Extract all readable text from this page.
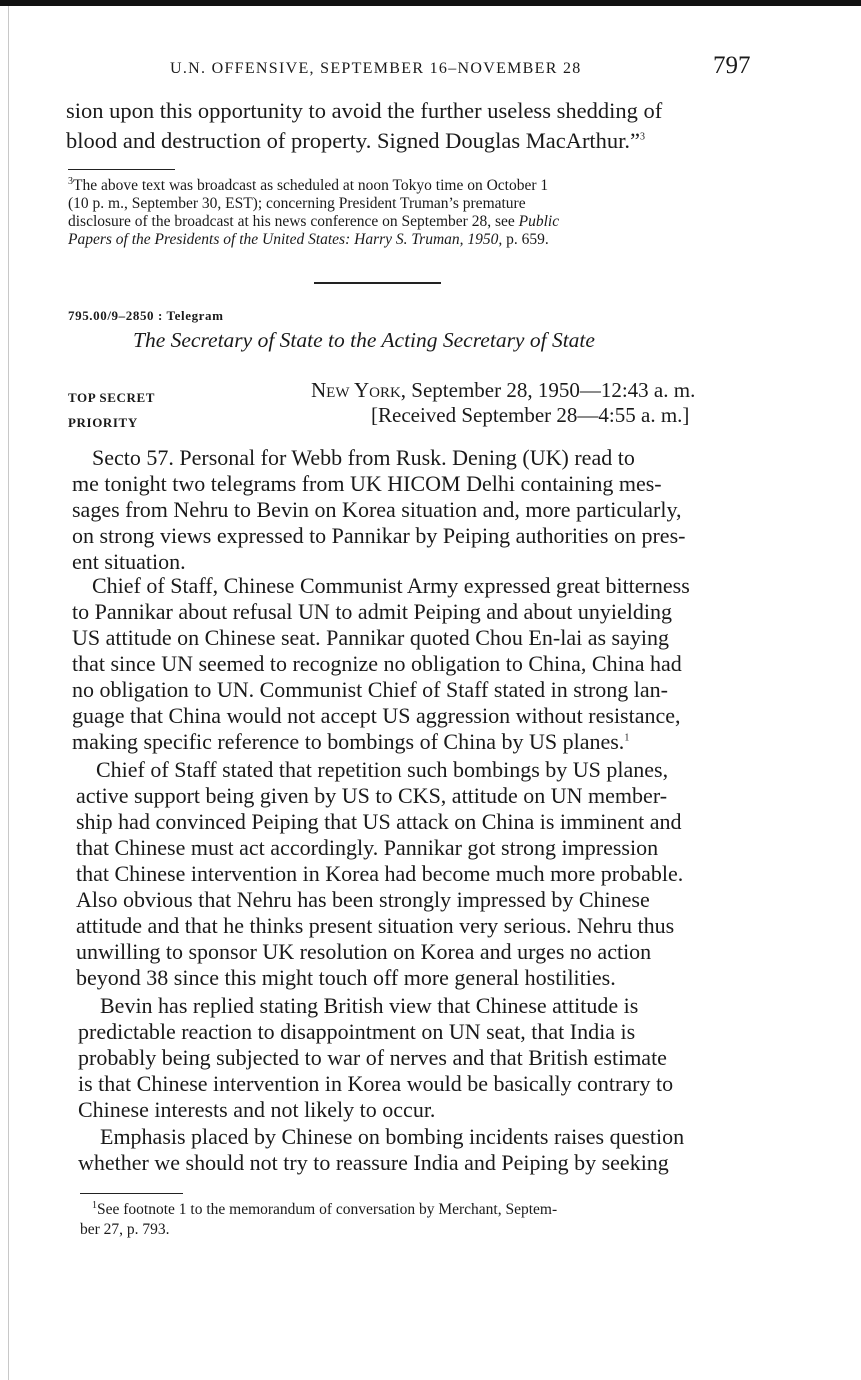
U.N. OFFENSIVE, SEPTEMBER 16–NOVEMBER 28	797
sion upon this opportunity to avoid the further useless shedding of
blood and destruction of property. Signed Douglas MacArthur.”$^3$
$^3$The above text was broadcast as scheduled at noon Tokyo time on October 1
(10 p. m., September 30, EST); concerning President Truman’s premature
disclosure of the broadcast at his news conference on September 28, see Public
Papers of the Presidents of the United States: Harry S. Truman, 1950, p. 659.
795.00/9–2850 : Telegram
The Secretary of State to the Acting Secretary of State
TOP SECRET
PRIORITY
New York, September 28, 1950—12:43 a. m.
[Received September 28—4:55 a. m.]
Secto 57. Personal for Webb from Rusk. Dening (UK) read to
me tonight two telegrams from UK HICOM Delhi containing mes-
sages from Nehru to Bevin on Korea situation and, more particularly,
on strong views expressed to Pannikar by Peiping authorities on pres-
ent situation.
Chief of Staff, Chinese Communist Army expressed great bitterness
to Pannikar about refusal UN to admit Peiping and about unyielding
US attitude on Chinese seat. Pannikar quoted Chou En-lai as saying
that since UN seemed to recognize no obligation to China, China had
no obligation to UN. Communist Chief of Staff stated in strong lan-
guage that China would not accept US aggression without resistance,
making specific reference to bombings of China by US planes.$^1$
Chief of Staff stated that repetition such bombings by US planes,
active support being given by US to CKS, attitude on UN member-
ship had convinced Peiping that US attack on China is imminent and
that Chinese must act accordingly. Pannikar got strong impression
that Chinese intervention in Korea had become much more probable.
Also obvious that Nehru has been strongly impressed by Chinese
attitude and that he thinks present situation very serious. Nehru thus
unwilling to sponsor UK resolution on Korea and urges no action
beyond 38 since this might touch off more general hostilities.
Bevin has replied stating British view that Chinese attitude is
predictable reaction to disappointment on UN seat, that India is
probably being subjected to war of nerves and that British estimate
is that Chinese intervention in Korea would be basically contrary to
Chinese interests and not likely to occur.
Emphasis placed by Chinese on bombing incidents raises question
whether we should not try to reassure India and Peiping by seeking
$^1$See footnote 1 to the memorandum of conversation by Merchant, Septem-
ber 27, p. 793.
